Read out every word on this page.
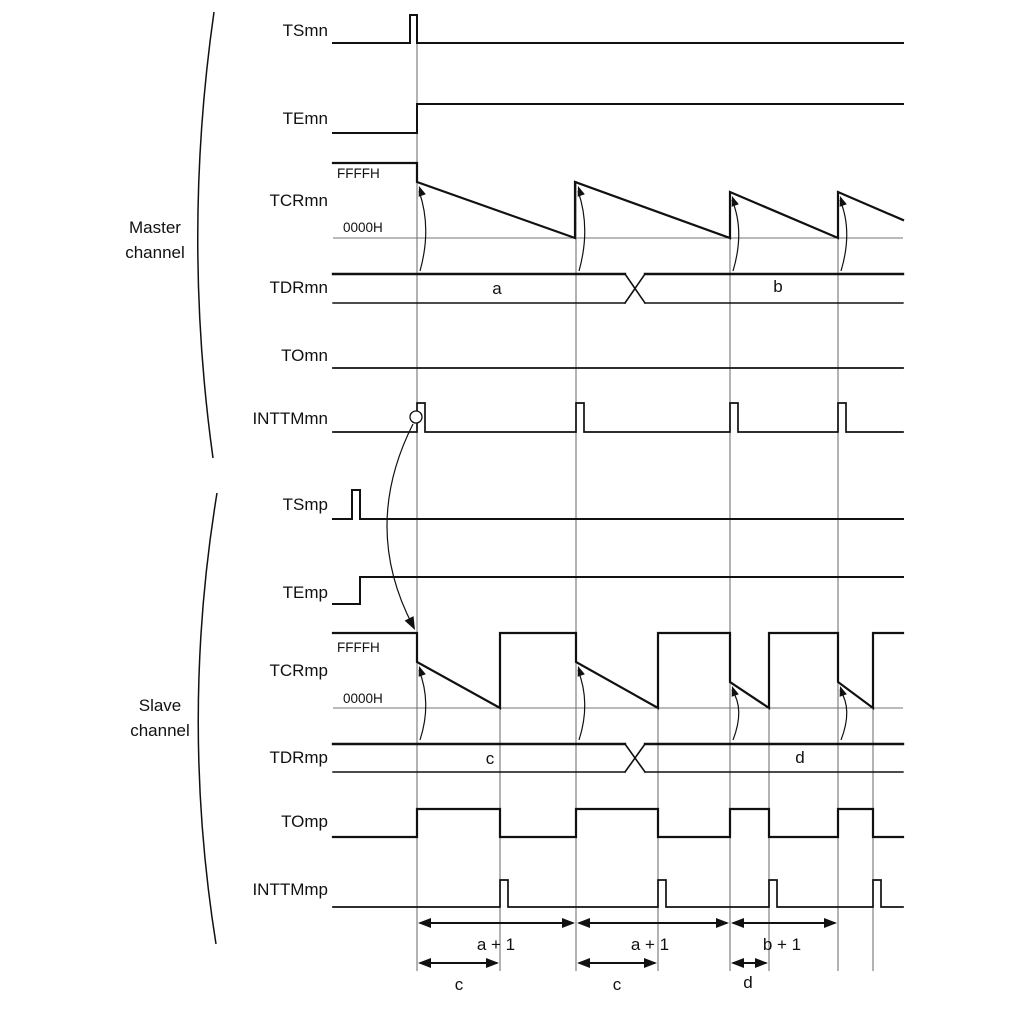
Master
channel
Slave
channel
TSmn
TEmn
TCRmn
TDRmn
TOmn
INTTMmn
TSmp
TEmp
TCRmp
TDRmp
TOmp
INTTMmp
FFFFH
0000H
FFFFH
0000H
a	b
c	d
a + 1	a + 1	b + 1
c	c	d
